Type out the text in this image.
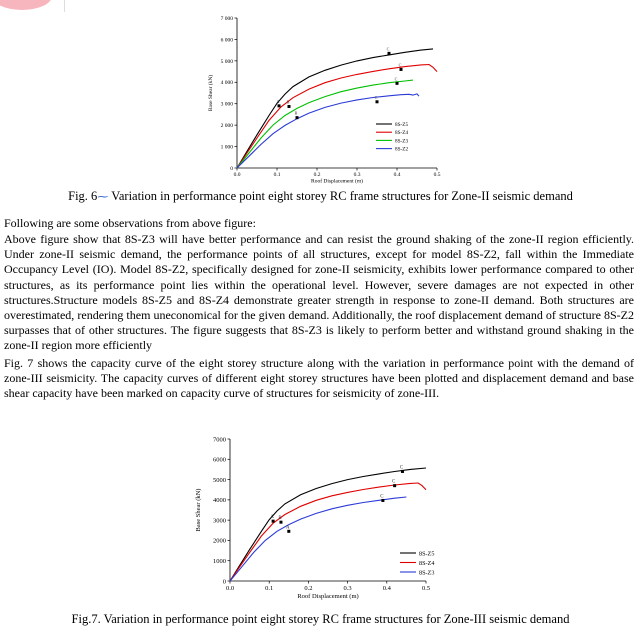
0.0	0.1	0.2	0.3	0.4	0.5
0
1 000
2 000
3 000
4 000
5 000
6 000
7 000
Roof Displacement (m)
Base Shear (kN)	A B
C
C
B
C
C
8S-Z5
8S-Z4
8S-Z3
8S-Z2
Fig. 6⁓ Variation in performance point eight storey RC frame structures for Zone-II seismic demand

Following are some observations from above figure:

Above figure show that 8S-Z3 will have better performance and can resist the ground shaking of the zone-II region efficiently. Under zone-II seismic demand, the performance points of all structures, except for model 8S-Z2, fall within the Immediate Occupancy Level (IO). Model 8S-Z2, specifically designed for zone-II seismicity, exhibits lower performance compared to other structures, as its performance point lies within the operational level. However, severe damages are not expected in other structures.Structure models 8S-Z5 and 8S-Z4 demonstrate greater strength in response to zone-II demand. Both structures are overestimated, rendering them uneconomical for the given demand. Additionally, the roof displacement demand of structure 8S-Z2 surpasses that of other structures. The figure suggests that 8S-Z3 is likely to perform better and withstand ground shaking in the zone-II region more efficiently

Fig. 7 shows the capacity curve of the eight storey structure along with the variation in performance point with the demand of zone-III seismicity. The capacity curves of different eight storey structures have been plotted and displacement demand and base shear capacity have been marked on capacity curve of structures for seismicity of zone-III.

0.0	0.1	0.2	0.3	0.4	0.5
0
1000
2000
3000
4000
5000
6000
7000
Roof Displacement (m)
Base Shear (kN)	A B
A
C
C
C
8S-Z5
8S-Z4
8S-Z3
Fig.7. Variation in performance point eight storey RC frame structures for Zone-III seismic demand
